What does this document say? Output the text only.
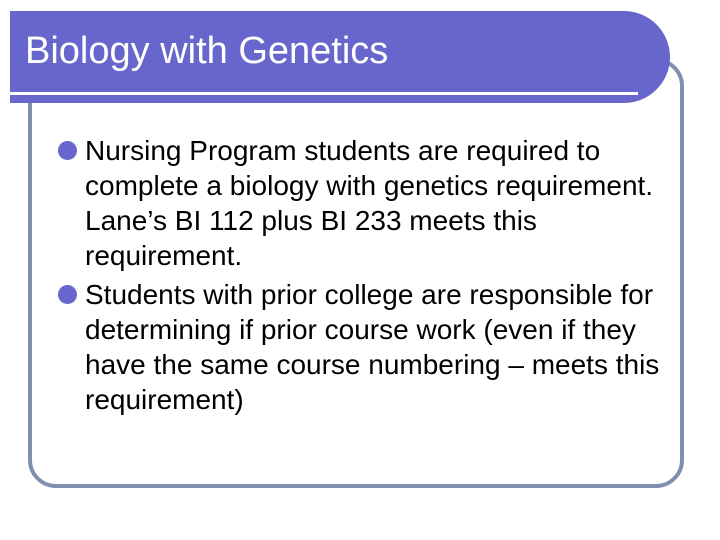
Biology with Genetics

Nursing Program students are required to complete a biology with genetics requirement. Lane’s BI 112 plus BI 233 meets this requirement.

Students with prior college are responsible for determining if prior course work (even if they have the same course numbering – meets this requirement)
